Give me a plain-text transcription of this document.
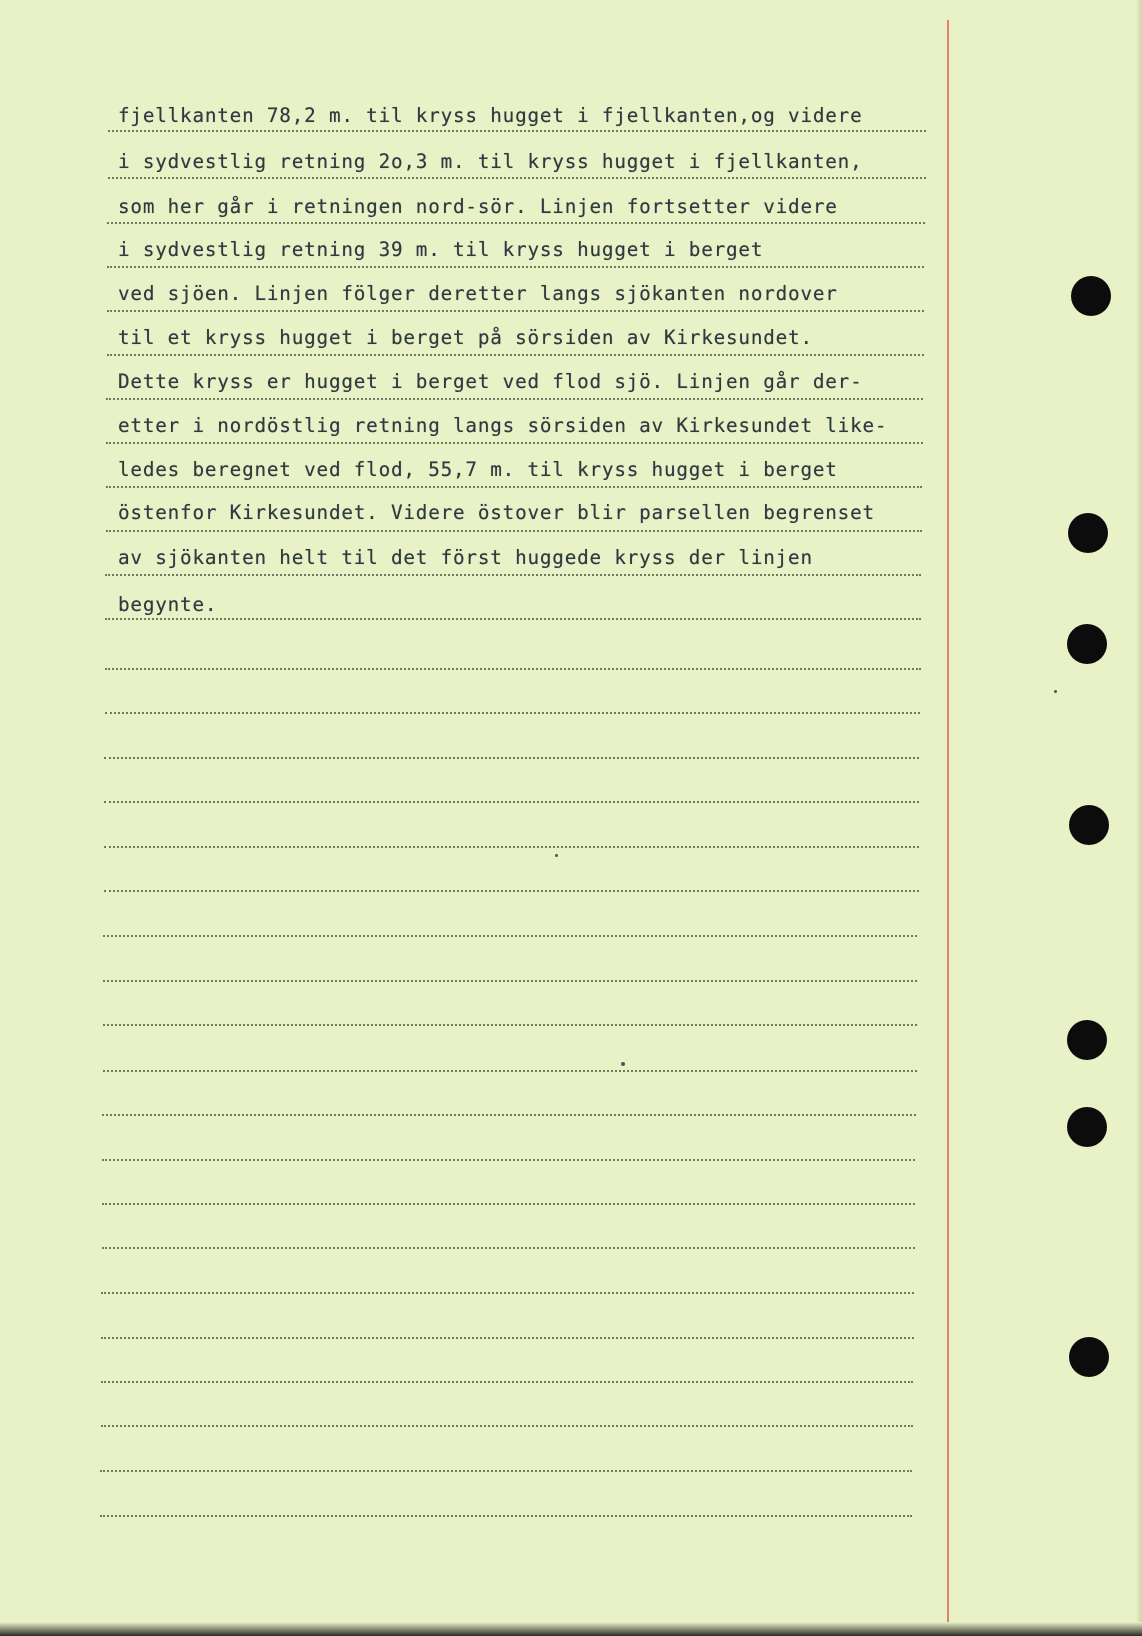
fjellkanten 78,2 m. til kryss hugget i fjellkanten,og videre
i sydvestlig retning 2o,3 m. til kryss hugget i fjellkanten,
som her går i retningen nord-sör. Linjen fortsetter videre
i sydvestlig retning 39 m. til kryss hugget i berget
ved sjöen. Linjen fölger deretter langs sjökanten nordover
til et kryss hugget i berget på sörsiden av Kirkesundet.
Dette kryss er hugget i berget ved flod sjö. Linjen går der-
etter i nordöstlig retning langs sörsiden av Kirkesundet like-
ledes beregnet ved flod, 55,7 m. til kryss hugget i berget
östenfor Kirkesundet. Videre östover blir parsellen begrenset
av sjökanten helt til det först huggede kryss der linjen
begynte.
